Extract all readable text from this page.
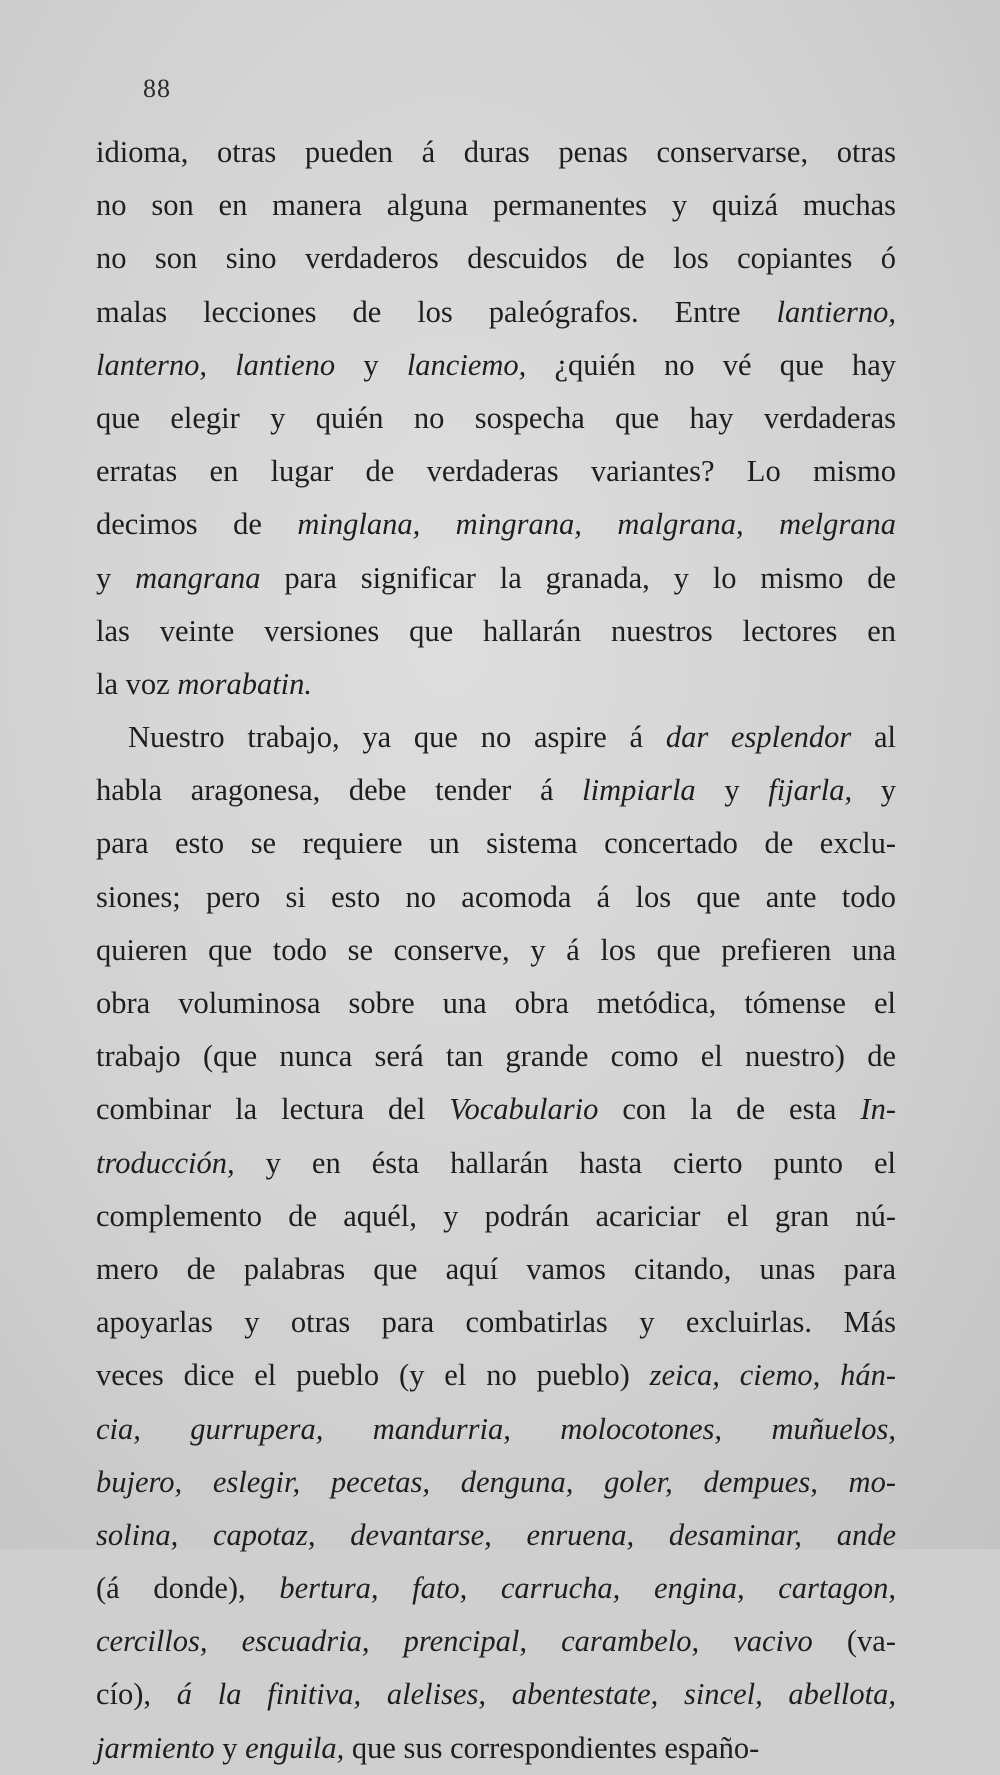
88
idioma, otras pueden á duras penas conservarse, otras
no son en manera alguna permanentes y quizá muchas
no son sino verdaderos descuidos de los copiantes ó
malas lecciones de los paleógrafos. Entre lantierno,
lanterno, lantieno y lanciemo, ¿quién no vé que hay
que elegir y quién no sospecha que hay verdaderas
erratas en lugar de verdaderas variantes? Lo mismo
decimos de minglana, mingrana, malgrana, melgrana
y mangrana para significar la granada, y lo mismo de
las veinte versiones que hallarán nuestros lectores en
la voz morabatin.
Nuestro trabajo, ya que no aspire á dar esplendor al
habla aragonesa, debe tender á limpiarla y fijarla, y
para esto se requiere un sistema concertado de exclu-
siones; pero si esto no acomoda á los que ante todo
quieren que todo se conserve, y á los que prefieren una
obra voluminosa sobre una obra metódica, tómense el
trabajo (que nunca será tan grande como el nuestro) de
combinar la lectura del Vocabulario con la de esta In-
troducción, y en ésta hallarán hasta cierto punto el
complemento de aquél, y podrán acariciar el gran nú-
mero de palabras que aquí vamos citando, unas para
apoyarlas y otras para combatirlas y excluirlas. Más
veces dice el pueblo (y el no pueblo) zeica, ciemo, hán-
cia, gurrupera, mandurria, molocotones, muñuelos,
bujero, eslegir, pecetas, denguna, goler, dempues, mo-
solina, capotaz, devantarse, enruena, desaminar, ande
(á donde), bertura, fato, carrucha, engina, cartagon,
cercillos, escuadria, prencipal, carambelo, vacivo (va-
cío), á la finitiva, alelises, abentestate, sincel, abellota,
jarmiento y enguila, que sus correspondientes españo-
